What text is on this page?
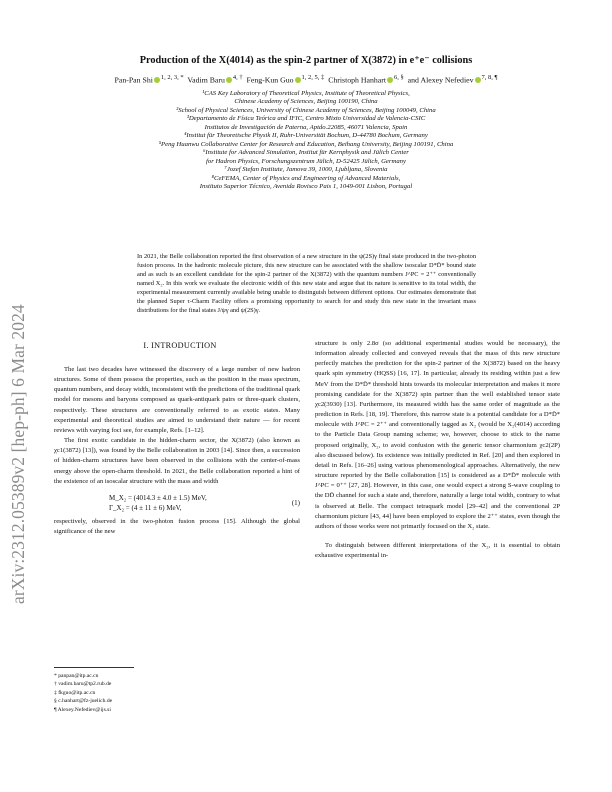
arXiv:2312.05389v2 [hep-ph] 6 Mar 2024
Production of the X(4014) as the spin-2 partner of X(3872) in e⁺e⁻ collisions
Pan-Pan Shi $^{1, 2, 3, *}$ Vadim Baru $^{4, \dagger}$ Feng-Kun Guo $^{1, 2, 5, \ddagger}$ Christoph Hanhart $^{6, \S}$ and Alexey Nefediev $^{7, 8, \P}$
¹CAS Key Laboratory of Theoretical Physics, Institute of Theoretical Physics,
Chinese Academy of Sciences, Beijing 100190, China
²School of Physical Sciences, University of Chinese Academy of Sciences, Beijing 100049, China
³Departamento de Física Teórica and IFIC, Centro Mixto Universidad de Valencia-CSIC
Institutos de Investigación de Paterna, Aptdo.22085, 46071 Valencia, Spain
⁴Institut für Theoretische Physik II, Ruhr-Universität Bochum, D-44780 Bochum, Germany
⁵Peng Huanwu Collaborative Center for Research and Education, Beihang University, Beijing 100191, China
⁶Institute for Advanced Simulation, Institut für Kernphysik and Jülich Center
for Hadron Physics, Forschungszentrum Jülich, D-52425 Jülich, Germany
⁷Jozef Stefan Institute, Jamova 39, 1000, Ljubljana, Slovenia
⁸CeFEMA, Center of Physics and Engineering of Advanced Materials,
Instituto Superior Técnico, Avenida Rovisco Pais 1, 1049-001 Lisbon, Portugal
In 2021, the Belle collaboration reported the first observation of a new structure in the ψ(2S)γ final state produced in the two-photon fusion process. In the hadronic molecule picture, this new structure can be associated with the shallow isoscalar D*D̄* bound state and as such is an excellent candidate for the spin-2 partner of the X(3872) with the quantum numbers J^PC = 2⁺⁺ conventionally named X₂. In this work we evaluate the electronic width of this new state and argue that its nature is sensitive to its total width, the experimental measurement currently available being unable to distinguish between different options. Our estimates demonstrate that the planned Super τ-Charm Facility offers a promising opportunity to search for and study this new state in the invariant mass distributions for the final states J/ψγ and ψ(2S)γ.
I. INTRODUCTION
The last two decades have witnessed the discovery of a large number of new hadron structures. Some of them possess the properties, such as the position in the mass spectrum, quantum numbers, and decay width, inconsistent with the predictions of the traditional quark model for mesons and baryons composed as quark-antiquark pairs or three-quark clusters, respectively. These structures are conventionally referred to as exotic states. Many experimental and theoretical studies are aimed to understand their nature — for recent reviews with varying foci see, for example, Refs. [1–12].
The first exotic candidate in the hidden-charm sector, the X(3872) (also known as χc1(3872) [13]), was found by the Belle collaboration in 2003 [14]. Since then, a succession of hidden-charm structures have been observed in the collisions with the center-of-mass energy above the open-charm threshold. In 2021, the Belle collaboration reported a hint of the existence of an isoscalar structure with the mass and width
M_X₂ = (4014.3 ± 4.0 ± 1.5) MeV,
Γ_X₂ = (4 ± 11 ± 6) MeV,
(1)
respectively, observed in the two-photon fusion process [15]. Although the global significance of the new
* panpan@itp.ac.cn
† vadim.baru@tp2.rub.de
‡ fkguo@itp.ac.cn
§ c.hanhart@fz-juelich.de
¶ Alexey.Nefediev@ijs.si
structure is only 2.8σ (so additional experimental studies would be necessary), the information already collected and conveyed reveals that the mass of this new structure perfectly matches the prediction for the spin-2 partner of the X(3872) based on the heavy quark spin symmetry (HQSS) [16, 17]. In particular, already its residing within just a few MeV from the D*D̄* threshold hints towards its molecular interpretation and makes it more promising candidate for the X(3872) spin partner than the well established tensor state χc2(3930) [13]. Furthermore, its measured width has the same order of magnitude as the prediction in Refs. [18, 19]. Therefore, this narrow state is a potential candidate for a D*D̄* molecule with J^PC = 2⁺⁺ and conventionally tagged as X₂ (would be X₂(4014) according to the Particle Data Group naming scheme; we, however, choose to stick to the name proposed originally, X₂, to avoid confusion with the generic tensor charmonium χc2(2P) also discussed below). Its existence was initially predicted in Ref. [20] and then explored in detail in Refs. [16–26] using various phenomenological approaches. Alternatively, the new structure reported by the Belle collaboration [15] is considered as a D*D̄* molecule with J^PC = 0⁺⁺ [27, 28]. However, in this case, one would expect a strong S-wave coupling to the DD̄ channel for such a state and, therefore, naturally a large total width, contrary to what is observed at Belle. The compact tetraquark model [29–42] and the conventional 2P charmonium picture [43, 44] have been employed to explore the 2⁺⁺ states, even though the authors of those works were not primarily focused on the X₂ state.
To distinguish between different interpretations of the X₂, it is essential to obtain exhaustive experimental in-
